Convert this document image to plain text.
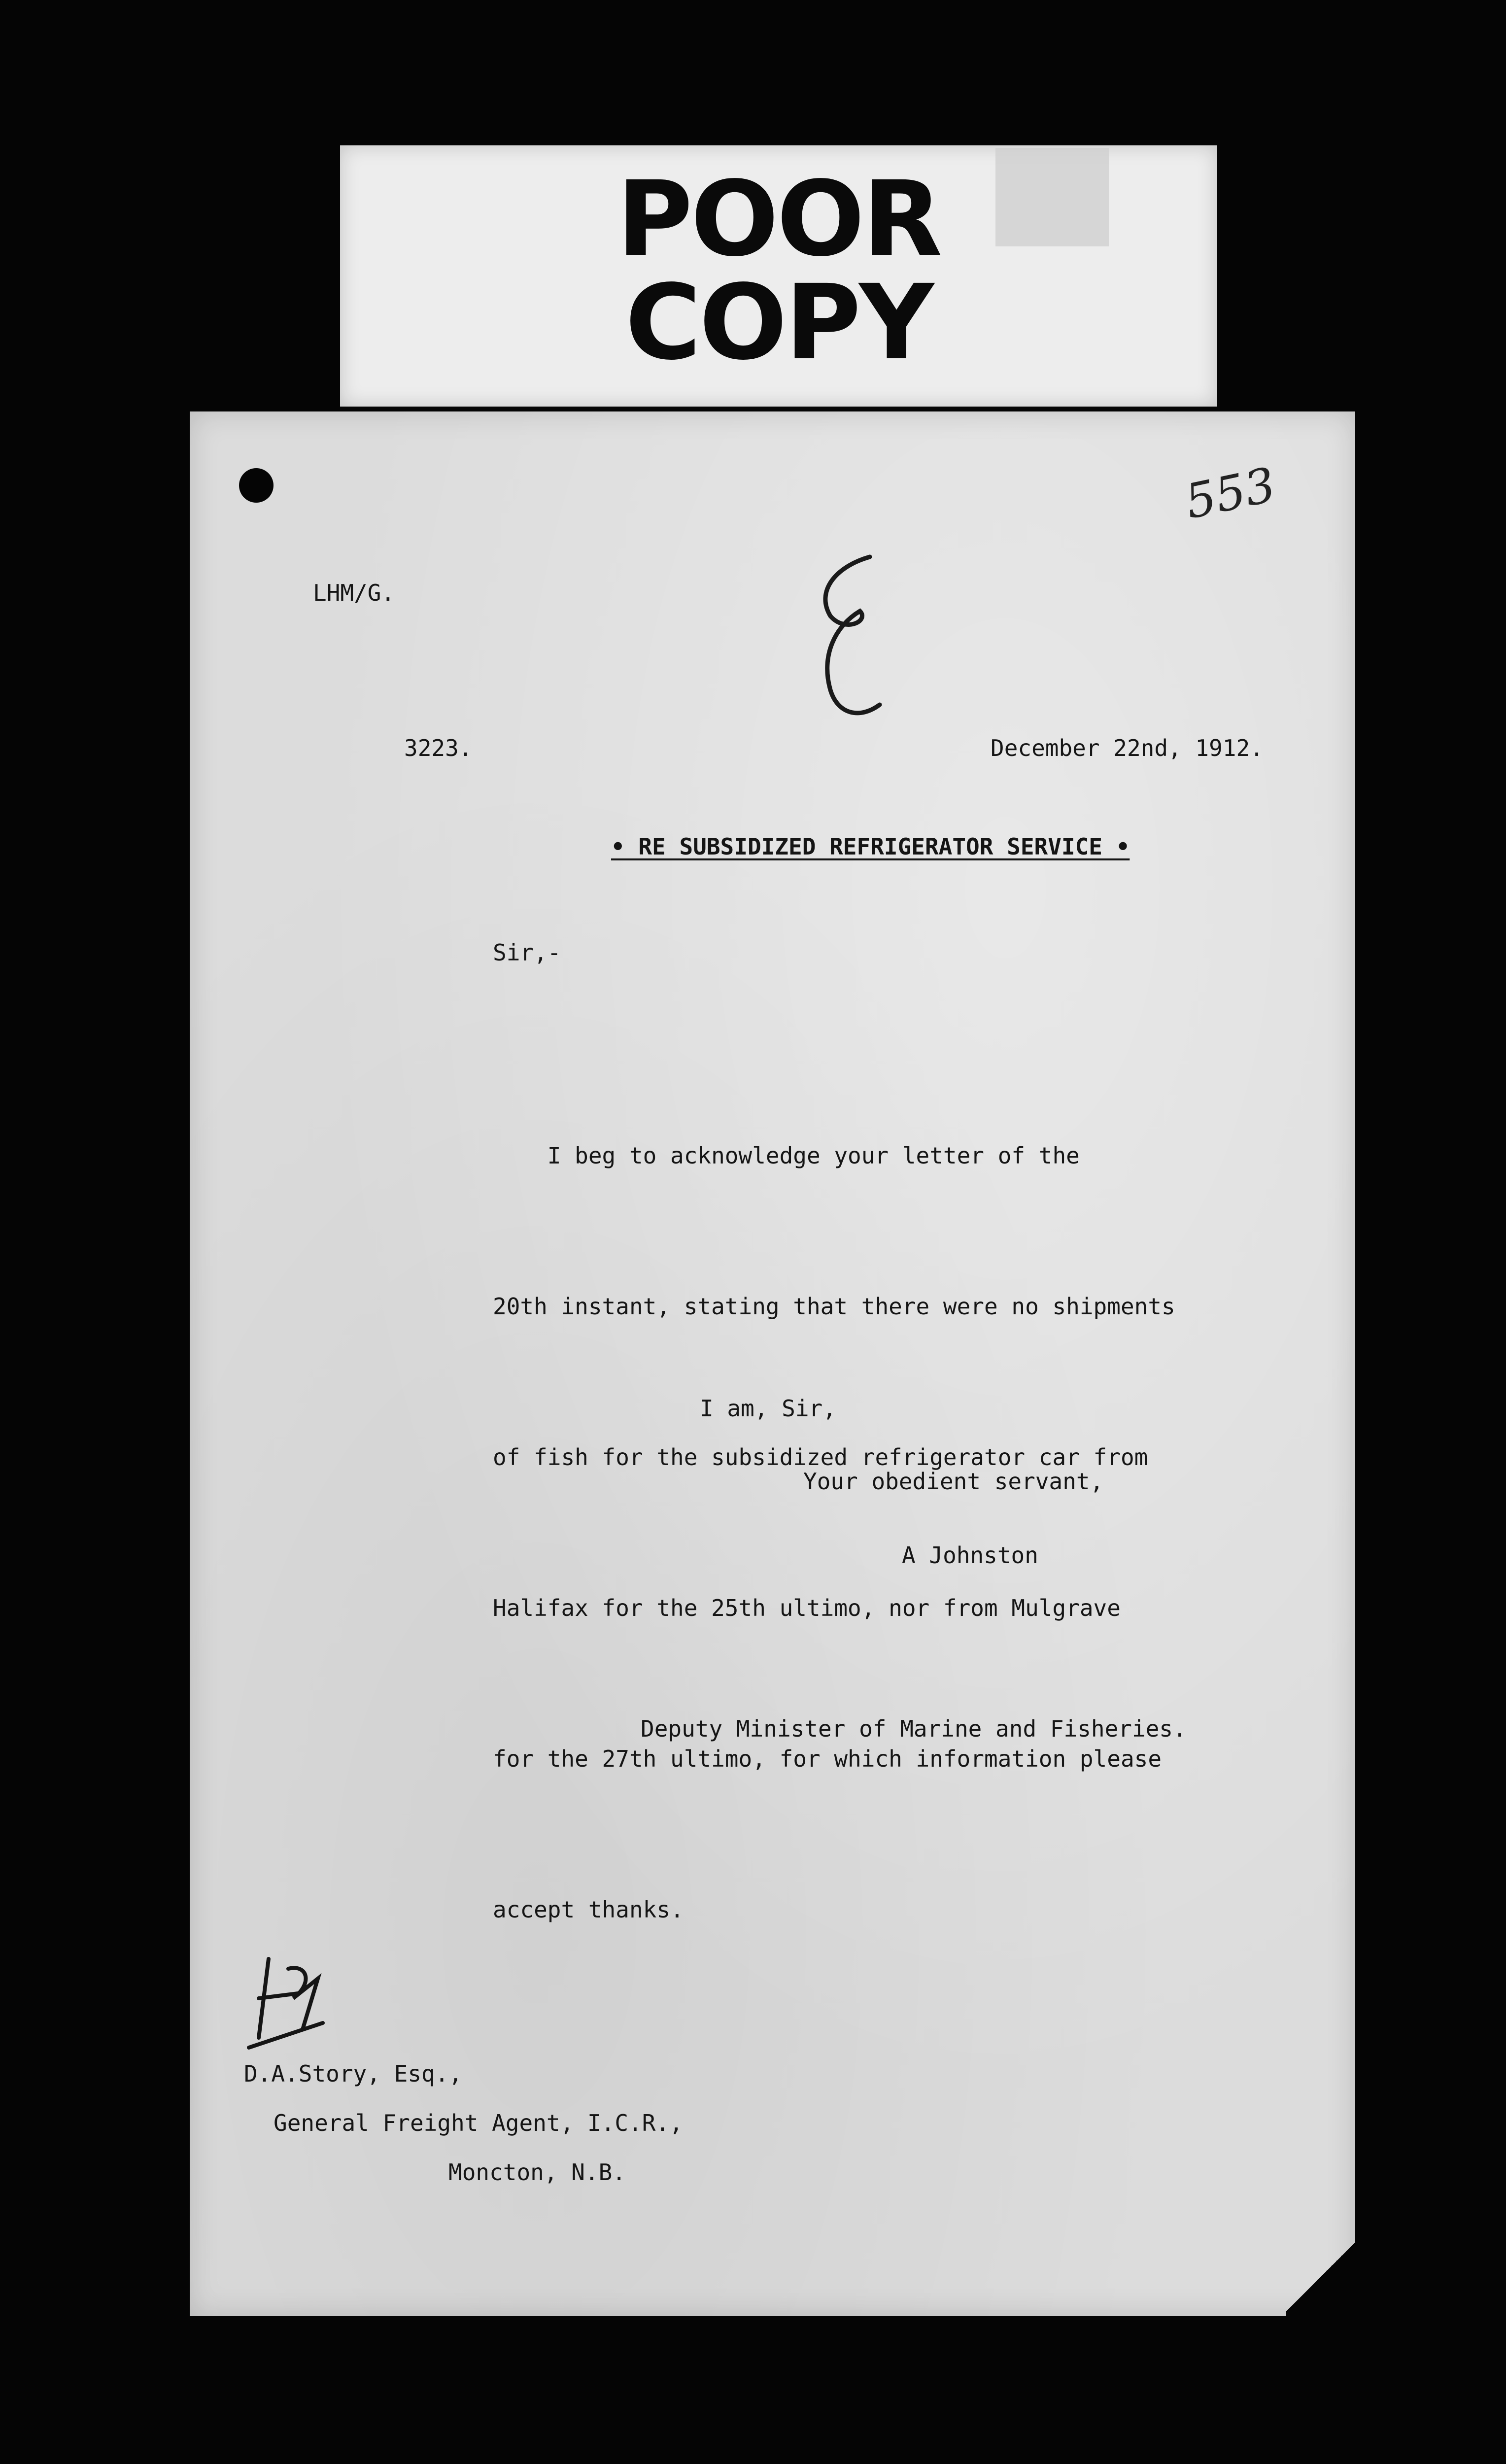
POOR
COPY
553
LHM/G.
3223.	December 22nd, 1912.
• RE SUBSIDIZED REFRIGERATOR SERVICE •
Sir,-

I beg to acknowledge your letter of the

20th instant, stating that there were no shipments

of fish for the subsidized refrigerator car from

Halifax for the 25th ultimo, nor from Mulgrave

for the 27th ultimo, for which information please

accept thanks.

I am, Sir,
Your obedient servant,
A Johnston
Deputy Minister of Marine and Fisheries.
D.A.Story, Esq.,
General Freight Agent, I.C.R.,
Moncton, N.B.
